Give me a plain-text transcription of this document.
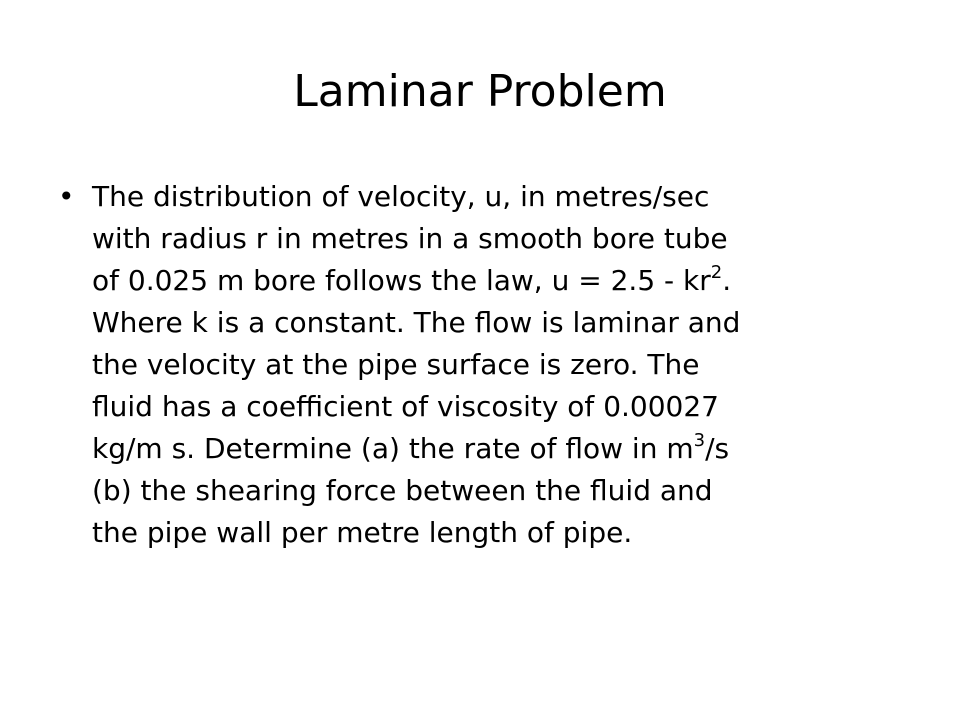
Laminar Problem
• The distribution of velocity, u, in metres/sec
with radius r in metres in a smooth bore tube
of 0.025 m bore follows the law, $u = 2.5 - kr^2$.
Where k is a constant. The flow is laminar and
the velocity at the pipe surface is zero. The
fluid has a coefficient of viscosity of 0.00027
kg/m s. Determine (a) the rate of flow in $m^3/s$
(b) the shearing force between the fluid and
the pipe wall per metre length of pipe.
